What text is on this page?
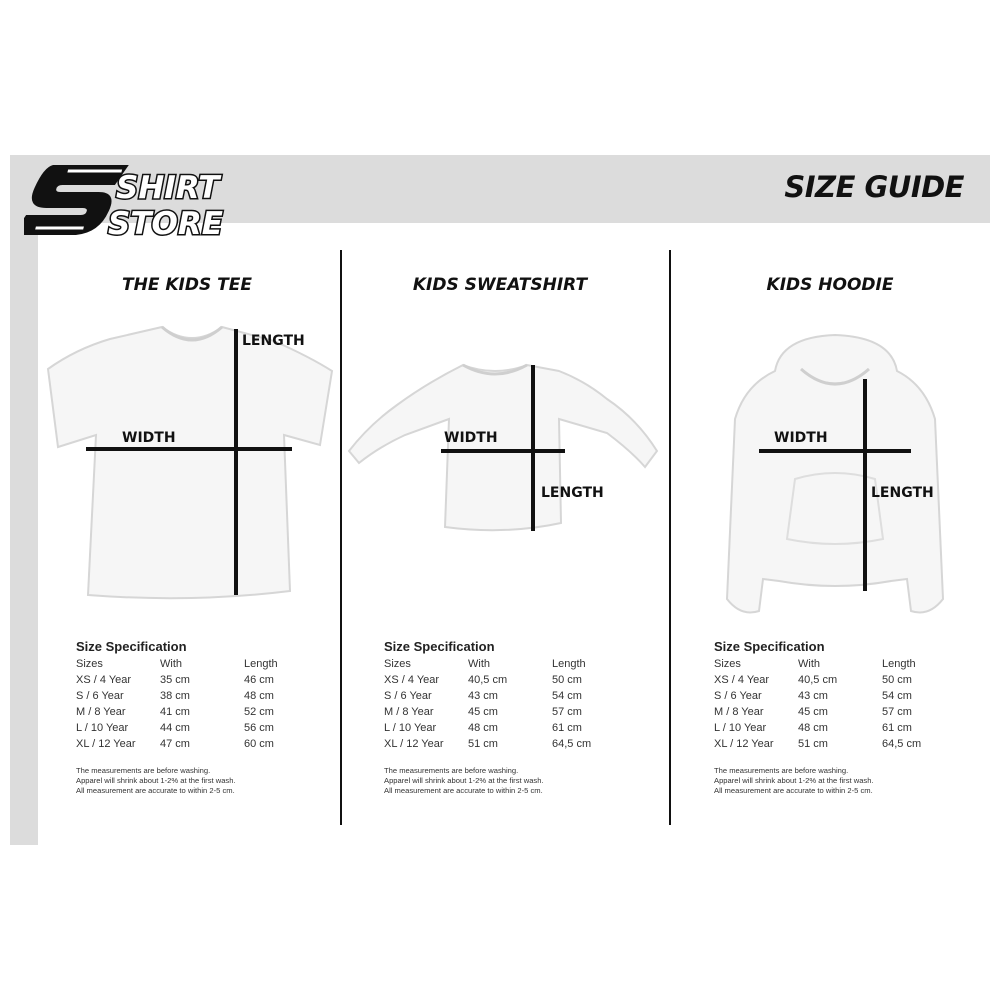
SHIRT
STORE
SIZE GUIDE
THE KIDS TEE
WIDTH
LENGTH
Size Specification
Sizes	With	Length
XS / 4 Year	35 cm	46 cm
S / 6 Year	38 cm	48 cm
M / 8 Year	41 cm	52 cm
L / 10 Year	44 cm	56 cm
XL / 12 Year	47 cm	60 cm
The measurements are before washing.
Apparel will shrink about 1-2% at the first wash.
All measurement are accurate to within 2-5 cm.
KIDS SWEATSHIRT
WIDTH
LENGTH
Size Specification
Sizes	With	Length
XS / 4 Year	40,5 cm	50 cm
S / 6 Year	43 cm	54 cm
M / 8 Year	45 cm	57 cm
L / 10 Year	48 cm	61 cm
XL / 12 Year	51 cm	64,5 cm
The measurements are before washing.
Apparel will shrink about 1-2% at the first wash.
All measurement are accurate to within 2-5 cm.
KIDS HOODIE
WIDTH
LENGTH
Size Specification
Sizes	With	Length
XS / 4 Year	40,5 cm	50 cm
S / 6 Year	43 cm	54 cm
M / 8 Year	45 cm	57 cm
L / 10 Year	48 cm	61 cm
XL / 12 Year	51 cm	64,5 cm
The measurements are before washing.
Apparel will shrink about 1-2% at the first wash.
All measurement are accurate to within 2-5 cm.
